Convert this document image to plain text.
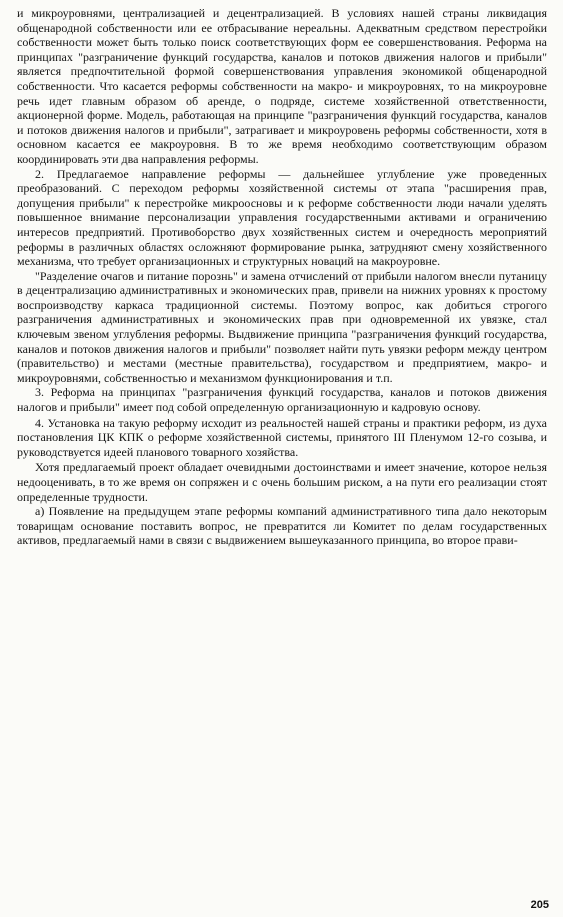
и микроуровнями, централизацией и децентрализацией. В условиях нашей страны ликвидация общенародной собственности или ее отбрасывание нереальны. Адекватным средством перестройки собственности может быть только поиск соответствующих форм ее совершенствования. Реформа на принципах "разграничение функций государства, каналов и потоков движения налогов и прибыли" является предпочтительной формой совершенствования управления экономикой общенародной собственности. Что касается реформы собственности на макро- и микроуровнях, то на микроуровне речь идет главным образом об аренде, о подряде, системе хозяйственной ответственности, акционерной форме. Модель, работающая на принципе "разграничения функций государства, каналов и потоков движения налогов и прибыли", затрагивает и микроуровень реформы собственности, хотя в основном касается ее макроуровня. В то же время необходимо соответствующим образом координировать эти два направления реформы.

2. Предлагаемое направление реформы — дальнейшее углубление уже проведенных преобразований. С переходом реформы хозяйственной системы от этапа "расширения прав, допущения прибыли" к перестройке микроосновы и к реформе собственности люди начали уделять повышенное внимание персонализации управления государственными активами и ограничению интересов предприятий. Противоборство двух хозяйственных систем и очередность мероприятий реформы в различных областях осложняют формирование рынка, затрудняют смену хозяйственного механизма, что требует организационных и структурных новаций на макроуровне.

"Разделение очагов и питание порознь" и замена отчислений от прибыли налогом внесли путаницу в децентрализацию административных и экономических прав, привели на нижних уровнях к простому воспроизводству каркаса традиционной системы. Поэтому вопрос, как добиться строгого разграничения административных и экономических прав при одновременной их увязке, стал ключевым звеном углубления реформы. Выдвижение принципа "разграничения функций государства, каналов и потоков движения налогов и прибыли" позволяет найти путь увязки реформ между центром (правительство) и местами (местные правительства), государством и предприятием, макро- и микроуровнями, собственностью и механизмом функционирования и т.п.

3. Реформа на принципах "разграничения функций государства, каналов и потоков движения налогов и прибыли" имеет под собой определенную организационную и кадровую основу.

4. Установка на такую реформу исходит из реальностей нашей страны и практики реформ, из духа постановления ЦК КПК о реформе хозяйственной системы, принятого III Пленумом 12-го созыва, и руководствуется идеей планового товарного хозяйства.

Хотя предлагаемый проект обладает очевидными достоинствами и имеет значение, которое нельзя недооценивать, в то же время он сопряжен и с очень большим риском, а на пути его реализации стоят определенные трудности.

а) Появление на предыдущем этапе реформы компаний административного типа дало некоторым товарищам основание поставить вопрос, не превратится ли Комитет по делам государственных активов, предлагаемый нами в связи с выдвижением вышеуказанного принципа, во второе прави-

205
